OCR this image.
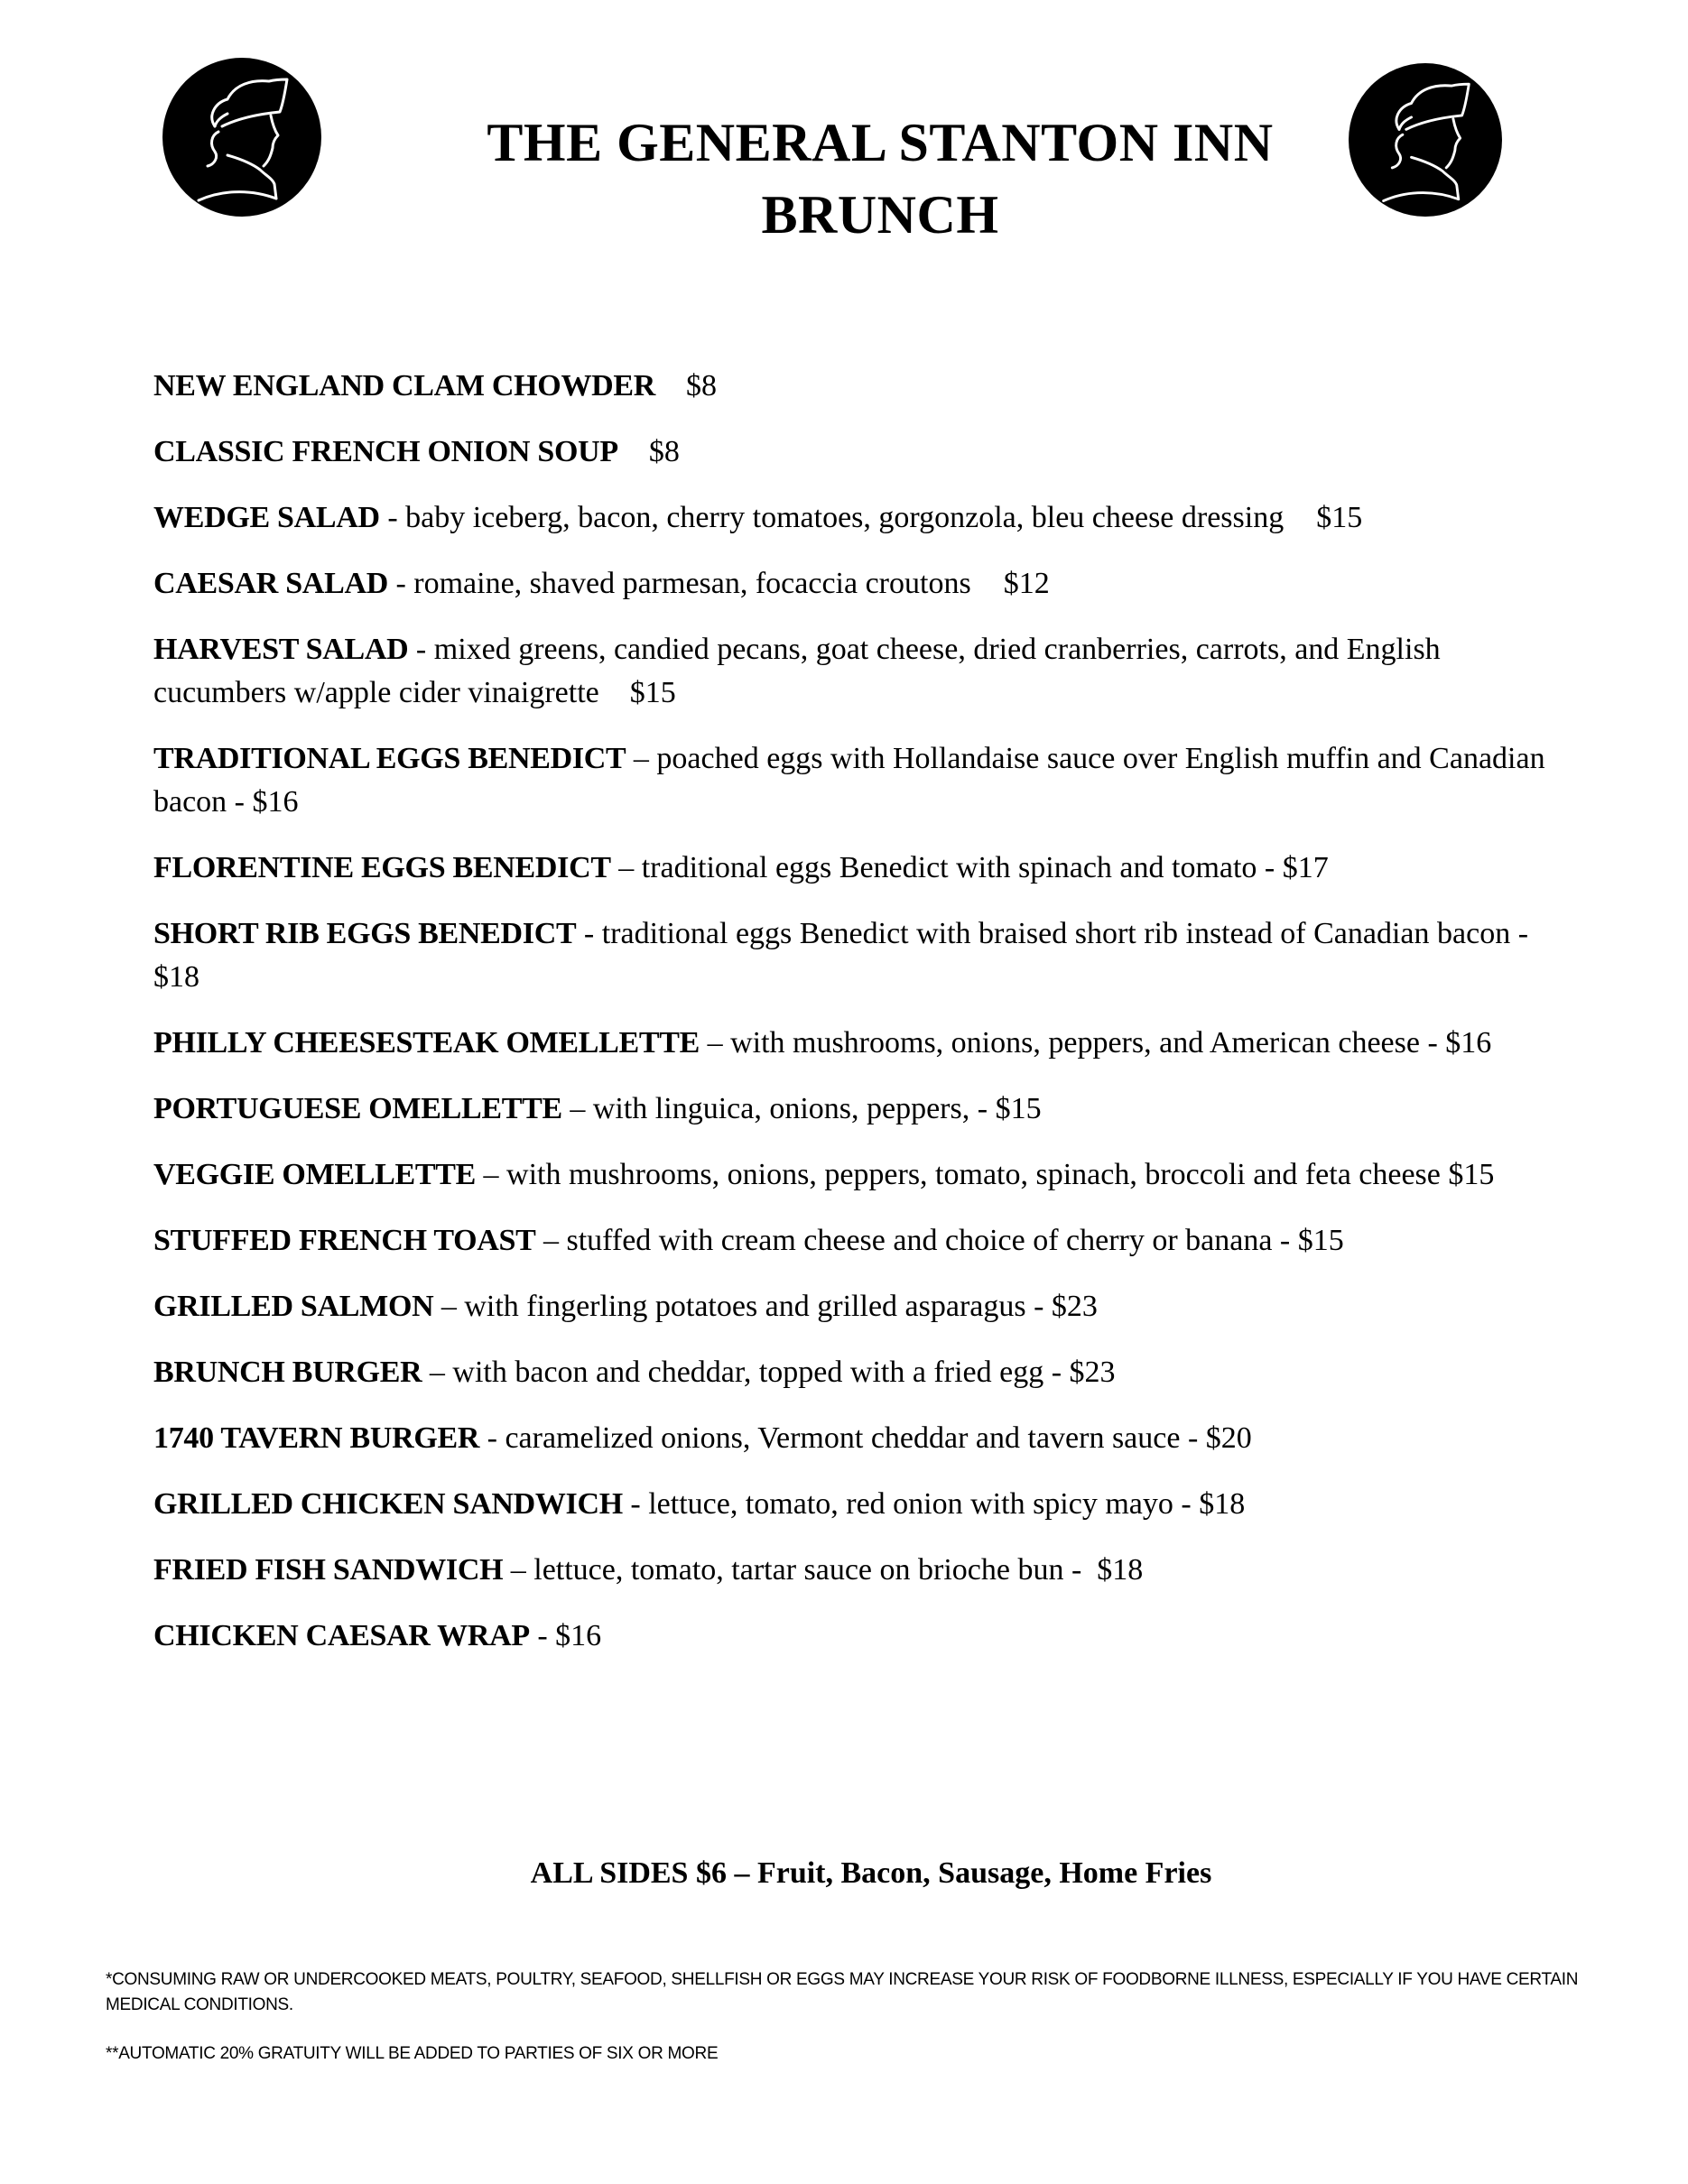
THE GENERAL STANTON INN
BRUNCH
NEW ENGLAND CLAM CHOWDER $8
CLASSIC FRENCH ONION SOUP $8
WEDGE SALAD - baby iceberg, bacon, cherry tomatoes, gorgonzola, bleu cheese dressing $15
CAESAR SALAD - romaine, shaved parmesan, focaccia croutons $12
HARVEST SALAD - mixed greens, candied pecans, goat cheese, dried cranberries, carrots, and English cucumbers w/apple cider vinaigrette $15
TRADITIONAL EGGS BENEDICT – poached eggs with Hollandaise sauce over English muffin and Canadian bacon - $16
FLORENTINE EGGS BENEDICT – traditional eggs Benedict with spinach and tomato - $17
SHORT RIB EGGS BENEDICT - traditional eggs Benedict with braised short rib instead of Canadian bacon - $18
PHILLY CHEESESTEAK OMELLETTE – with mushrooms, onions, peppers, and American cheese - $16
PORTUGUESE OMELLETTE – with linguica, onions, peppers, - $15
VEGGIE OMELLETTE – with mushrooms, onions, peppers, tomato, spinach, broccoli and feta cheese $15
STUFFED FRENCH TOAST – stuffed with cream cheese and choice of cherry or banana - $15
GRILLED SALMON – with fingerling potatoes and grilled asparagus - $23
BRUNCH BURGER – with bacon and cheddar, topped with a fried egg - $23
1740 TAVERN BURGER - caramelized onions, Vermont cheddar and tavern sauce - $20
GRILLED CHICKEN SANDWICH - lettuce, tomato, red onion with spicy mayo - $18
FRIED FISH SANDWICH – lettuce, tomato, tartar sauce on brioche bun -  $18
CHICKEN CAESAR WRAP - $16
ALL SIDES $6 – Fruit, Bacon, Sausage, Home Fries
*CONSUMING RAW OR UNDERCOOKED MEATS, POULTRY, SEAFOOD, SHELLFISH OR EGGS MAY INCREASE YOUR RISK OF FOODBORNE ILLNESS, ESPECIALLY IF YOU HAVE CERTAIN MEDICAL CONDITIONS.
**AUTOMATIC 20% GRATUITY WILL BE ADDED TO PARTIES OF SIX OR MORE
